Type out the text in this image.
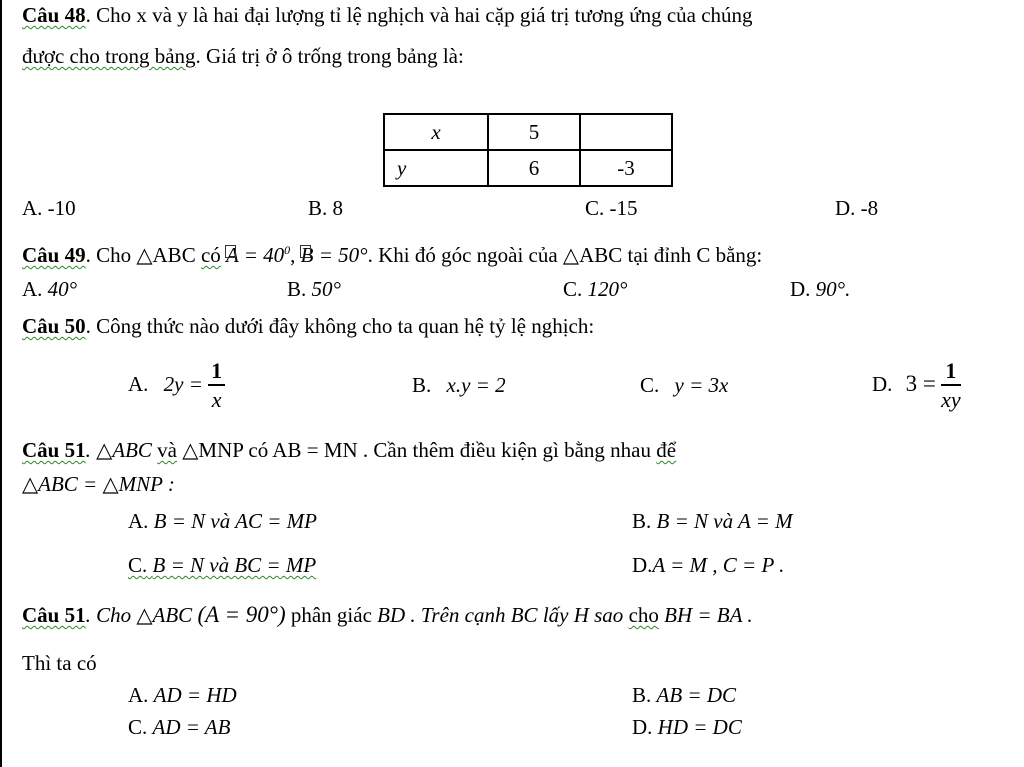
Câu 48. Cho x và y là hai đại lượng tỉ lệ nghịch và hai cặp giá trị tương ứng của chúng
được cho trong bảng. Giá trị ở ô trống trong bảng là:
x	5	
y	6	-3
A. -10	B. 8	C. -15	D. -8
Câu 49. Cho △ABC có $A = 40^0$, B = 50°. Khi đó góc ngoài của △ABC tại đỉnh C bằng:
A. 40°	B. 50°	C. 120°	D. 90°.
Câu 50. Công thức nào dưới đây không cho ta quan hệ tỷ lệ nghịch:
A. $2y = \frac{1}{x}$	B. x.y = 2	C. y = 3x	D. $3 = \frac{1}{xy}$
Câu 51. △ABC và △MNP có AB = MN . Cần thêm điều kiện gì bằng nhau để
△ABC = △MNP :
A. B = N và AC = MP	B. B = N và A = M
C. B = N và BC = MP	D.A = M , C = P .
Câu 51. Cho △ABC (A = 90°) phân giác BD . Trên cạnh BC lấy H sao cho BH = BA .
Thì ta có
A. AD = HD	B. AB = DC
C. AD = AB	D. HD = DC
